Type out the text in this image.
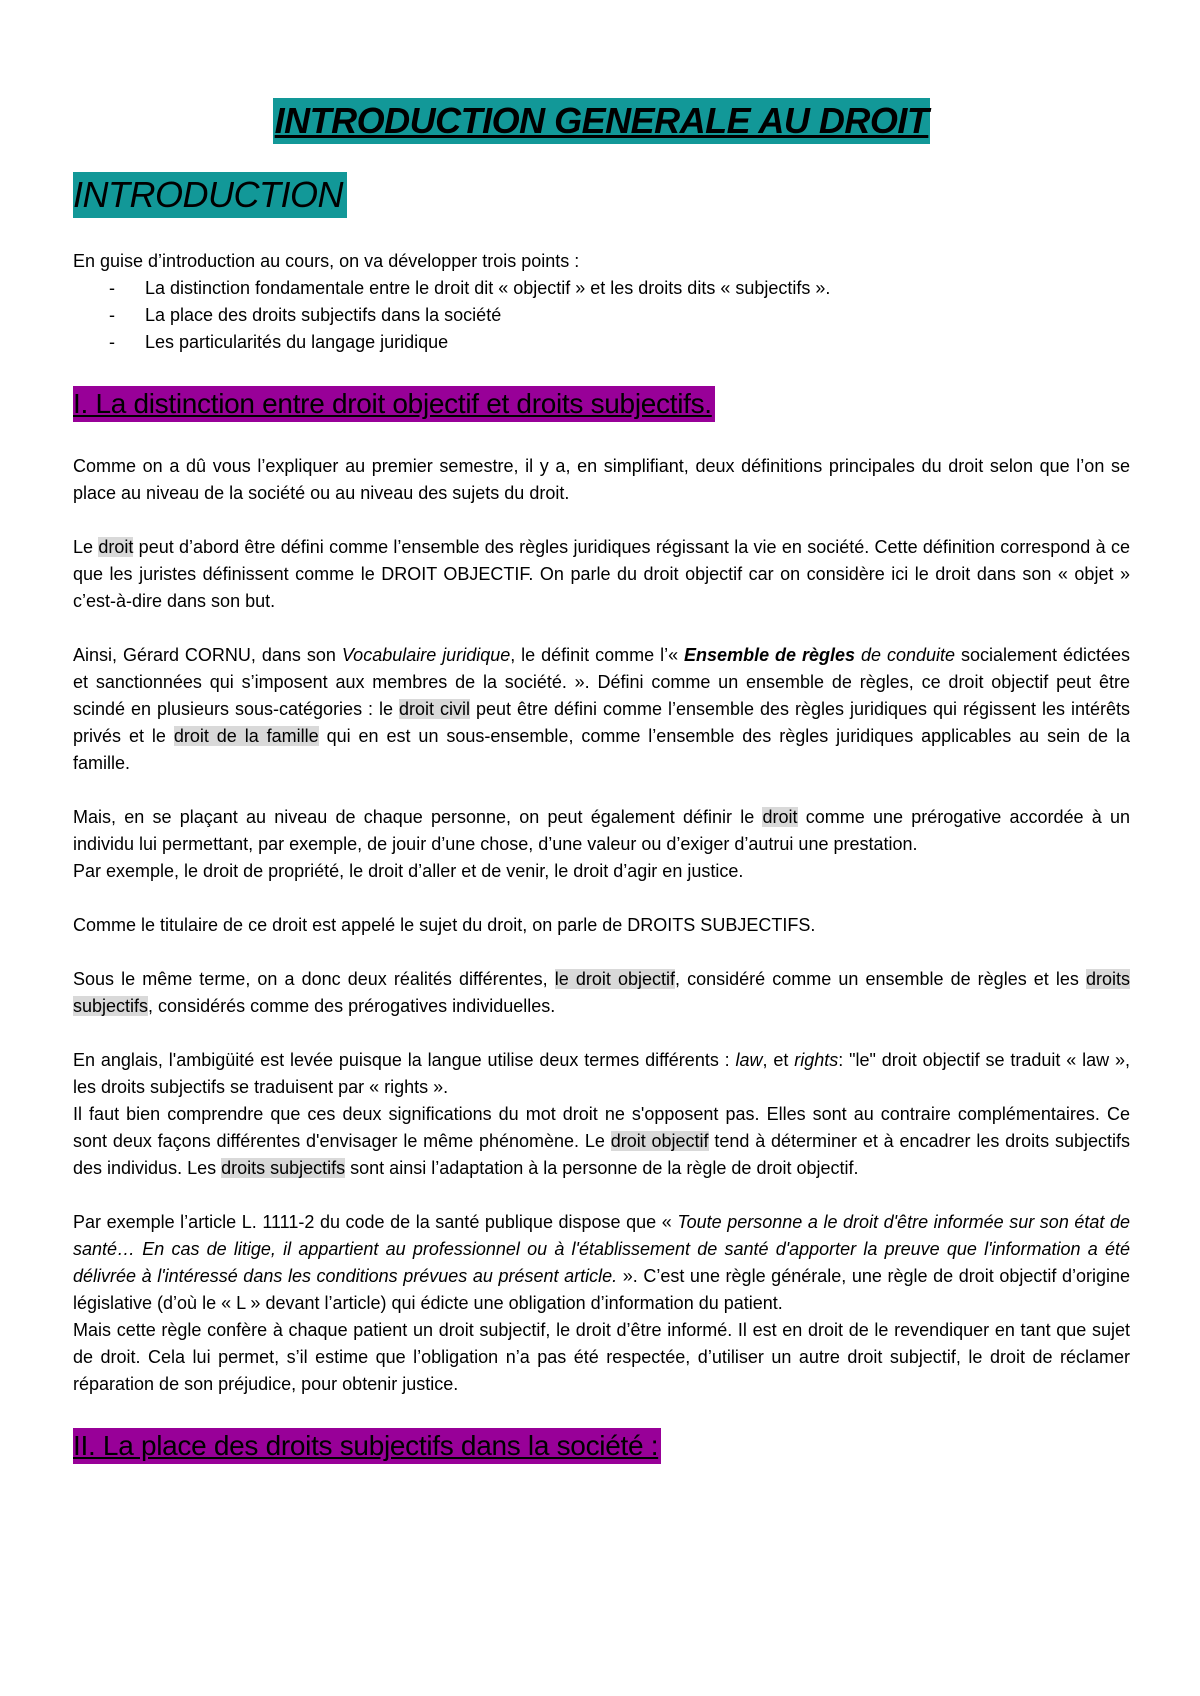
INTRODUCTION GENERALE AU DROIT
INTRODUCTION

En guise d’introduction au cours, on va développer trois points :

- La distinction fondamentale entre le droit dit « objectif » et les droits dits « subjectifs ».
- La place des droits subjectifs dans la société
- Les particularités du langage juridique
I. La distinction entre droit objectif et droits subjectifs.

Comme on a dû vous l’expliquer au premier semestre, il y a, en simplifiant, deux définitions principales du droit selon que l’on se place au niveau de la société ou au niveau des sujets du droit.

Le droit peut d’abord être défini comme l’ensemble des règles juridiques régissant la vie en société. Cette définition correspond à ce que les juristes définissent comme le DROIT OBJECTIF. On parle du droit objectif car on considère ici le droit dans son « objet » c’est-à-dire dans son but.

Ainsi, Gérard CORNU, dans son Vocabulaire juridique, le définit comme l’« Ensemble de règles de conduite socialement édictées et sanctionnées qui s’imposent aux membres de la société. ». Défini comme un ensemble de règles, ce droit objectif peut être scindé en plusieurs sous-catégories : le droit civil peut être défini comme l’ensemble des règles juridiques qui régissent les intérêts privés et le droit de la famille qui en est un sous-ensemble, comme l’ensemble des règles juridiques applicables au sein de la famille.

Mais, en se plaçant au niveau de chaque personne, on peut également définir le droit comme une prérogative accordée à un individu lui permettant, par exemple, de jouir d’une chose, d’une valeur ou d’exiger d’autrui une prestation.

Par exemple, le droit de propriété, le droit d’aller et de venir, le droit d’agir en justice.

Comme le titulaire de ce droit est appelé le sujet du droit, on parle de DROITS SUBJECTIFS.

Sous le même terme, on a donc deux réalités différentes, le droit objectif, considéré comme un ensemble de règles et les droits subjectifs, considérés comme des prérogatives individuelles.

En anglais, l'ambigüité est levée puisque la langue utilise deux termes différents : law, et rights: "le" droit objectif se traduit « law », les droits subjectifs se traduisent par « rights ».

Il faut bien comprendre que ces deux significations du mot droit ne s'opposent pas. Elles sont au contraire complémentaires. Ce sont deux façons différentes d'envisager le même phénomène. Le droit objectif tend à déterminer et à encadrer les droits subjectifs des individus. Les droits subjectifs sont ainsi l’adaptation à la personne de la règle de droit objectif.

Par exemple l’article L. 1111-2 du code de la santé publique dispose que « Toute personne a le droit d'être informée sur son état de santé… En cas de litige, il appartient au professionnel ou à l'établissement de santé d'apporter la preuve que l'information a été délivrée à l'intéressé dans les conditions prévues au présent article. ». C’est une règle générale, une règle de droit objectif d’origine législative (d’où le « L » devant l’article) qui édicte une obligation d’information du patient.

Mais cette règle confère à chaque patient un droit subjectif, le droit d’être informé. Il est en droit de le revendiquer en tant que sujet de droit. Cela lui permet, s’il estime que l’obligation n’a pas été respectée, d’utiliser un autre droit subjectif, le droit de réclamer réparation de son préjudice, pour obtenir justice.

II. La place des droits subjectifs dans la société :
